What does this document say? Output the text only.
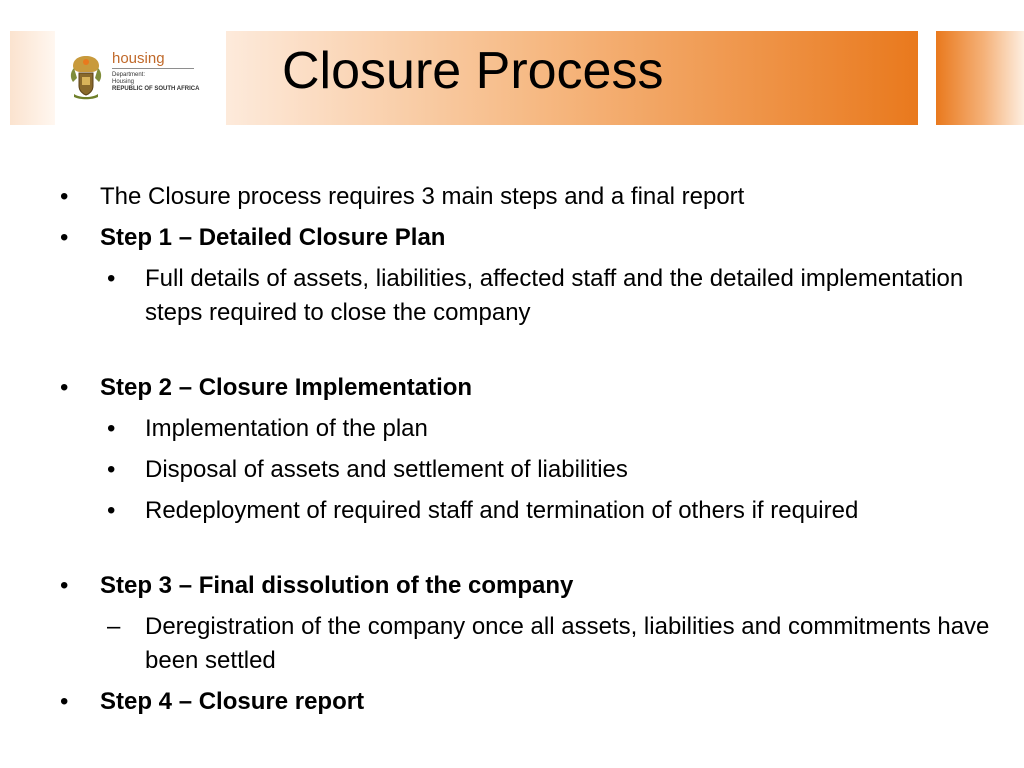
housing
Department:
Housing
REPUBLIC OF SOUTH AFRICA Closure Process

• The Closure process requires 3 main steps and a final report

• Step 1 – Detailed Closure Plan

• Full details of assets, liabilities, affected staff and the detailed implementation steps required to close the company

• Step 2 – Closure Implementation

• Implementation of the plan

• Disposal of assets and settlement of liabilities

• Redeployment of required staff and termination of others if required

• Step 3 – Final dissolution of the company

– Deregistration of the company once all assets, liabilities and commitments have been settled

• Step 4 – Closure report
